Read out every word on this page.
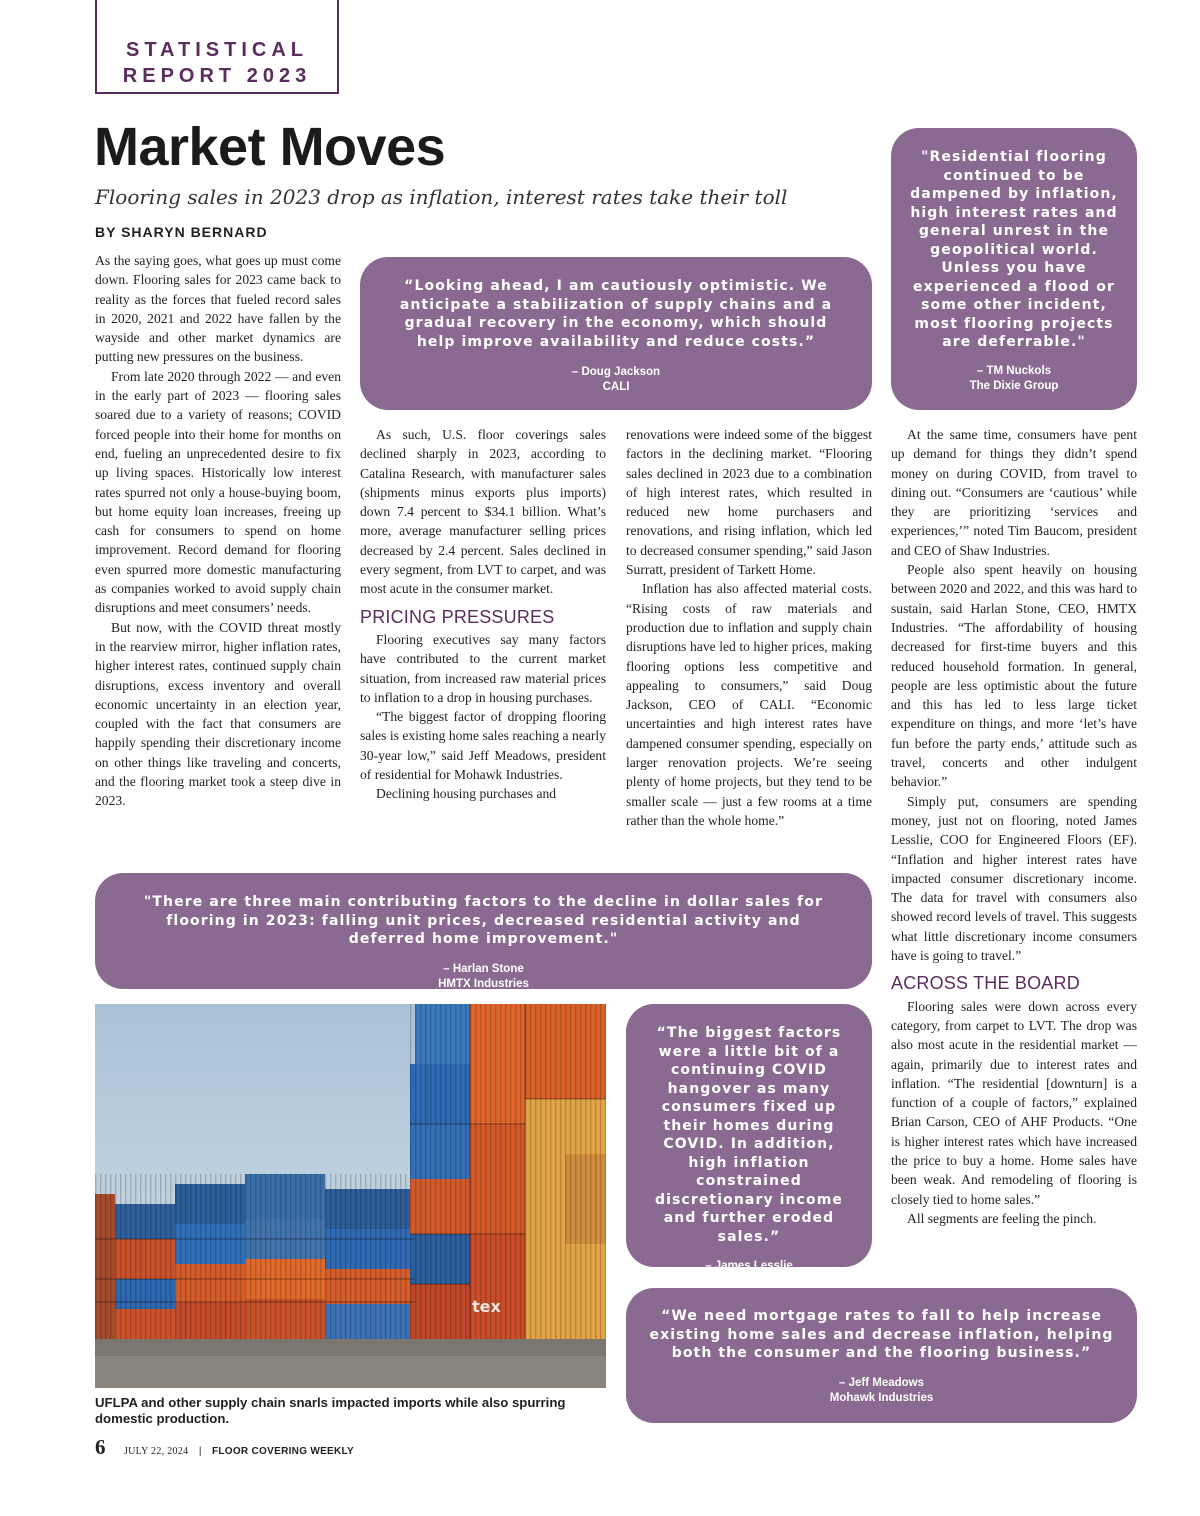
STATISTICAL
REPORT 2023
Market Moves
Flooring sales in 2023 drop as inflation, interest rates take their toll
BY SHARYN BERNARD

As the saying goes, what goes up must come down. Flooring sales for 2023 came back to reality as the forces that fueled record sales in 2020, 2021 and 2022 have fallen by the wayside and other market dynamics are putting new pressures on the business.

From late 2020 through 2022 — and even in the early part of 2023 — flooring sales soared due to a variety of reasons; COVID forced people into their home for months on end, fueling an unprecedented desire to fix up living spaces. Historically low interest rates spurred not only a house-buying boom, but home equity loan increases, freeing up cash for consumers to spend on home improvement. Record demand for flooring even spurred more domestic manufacturing as companies worked to avoid supply chain disruptions and meet consumers’ needs.

But now, with the COVID threat mostly in the rearview mirror, higher inflation rates, higher interest rates, continued supply chain disruptions, excess inventory and overall economic uncertainty in an election year, coupled with the fact that consumers are happily spending their discretionary income on other things like traveling and concerts, and the flooring market took a steep dive in 2023.

As such, U.S. floor coverings sales declined sharply in 2023, according to Catalina Research, with manufacturer sales (shipments minus exports plus imports) down 7.4 percent to $34.1 billion. What’s more, average manufacturer selling prices decreased by 2.4 percent. Sales declined in every segment, from LVT to carpet, and was most acute in the consumer market.

PRICING PRESSURES

Flooring executives say many factors have contributed to the current market situation, from increased raw material prices to inflation to a drop in housing purchases.

“The biggest factor of dropping flooring sales is existing home sales reaching a nearly 30-year low,” said Jeff Meadows, president of residential for Mohawk Industries.

Declining housing purchases and

renovations were indeed some of the biggest factors in the declining market. “Flooring sales declined in 2023 due to a combination of high interest rates, which resulted in reduced new home purchasers and renovations, and rising inflation, which led to decreased consumer spending,” said Jason Surratt, president of Tarkett Home.

Inflation has also affected material costs. “Rising costs of raw materials and production due to inflation and supply chain disruptions have led to higher prices, making flooring options less competitive and appealing to consumers,” said Doug Jackson, CEO of CALI. “Economic uncertainties and high interest rates have dampened consumer spending, especially on larger renovation projects. We’re seeing plenty of home projects, but they tend to be smaller scale — just a few rooms at a time rather than the whole home.”

At the same time, consumers have pent up demand for things they didn’t spend money on during COVID, from travel to dining out. “Consumers are ‘cautious’ while they are prioritizing ‘services and experiences,’” noted Tim Baucom, president and CEO of Shaw Industries.

People also spent heavily on housing between 2020 and 2022, and this was hard to sustain, said Harlan Stone, CEO, HMTX Industries. “The affordability of housing decreased for first-time buyers and this reduced household formation. In general, people are less optimistic about the future and this has led to less large ticket expenditure on things, and more ‘let’s have fun before the party ends,’ attitude such as travel, concerts and other indulgent behavior.”

Simply put, consumers are spending money, just not on flooring, noted James Lesslie, COO for Engineered Floors (EF). “Inflation and higher interest rates have impacted consumer discretionary income. The data for travel with consumers also showed record levels of travel. This suggests what little discretionary income consumers have is going to travel.”

ACROSS THE BOARD

Flooring sales were down across every category, from carpet to LVT. The drop was also most acute in the residential market — again, primarily due to interest rates and inflation. “The residential [downturn] is a function of a couple of factors,” explained Brian Carson, CEO of AHF Products. “One is higher interest rates which have increased the price to buy a home. Home sales have been weak. And remodeling of flooring is closely tied to home sales.”

All segments are feeling the pinch.

"Residential flooring continued to be dampened by inflation, high interest rates and general unrest in the geopolitical world. Unless you have experienced a flood or some other incident, most flooring projects are deferrable."
– TM Nuckols
The Dixie Group
“Looking ahead, I am cautiously optimistic. We anticipate a stabilization of supply chains and a gradual recovery in the economy, which should help improve availability and reduce costs.”
– Doug Jackson
CALI
"There are three main contributing factors to the decline in dollar sales for flooring in 2023: falling unit prices, decreased residential activity and deferred home improvement."
– Harlan Stone
HMTX Industries
“The biggest factors were a little bit of a continuing COVID hangover as many consumers fixed up their homes during COVID. In addition, high inflation constrained discretionary income and further eroded sales.”
– James Lesslie
Engineered Floors
“We need mortgage rates to fall to help increase existing home sales and decrease inflation, helping both the consumer and the flooring business.”
– Jeff Meadows
Mohawk Industries
tex
UFLPA and other supply chain snarls impacted imports while also spurring domestic production.
6 JULY 22, 2024 | FLOOR COVERING WEEKLY
